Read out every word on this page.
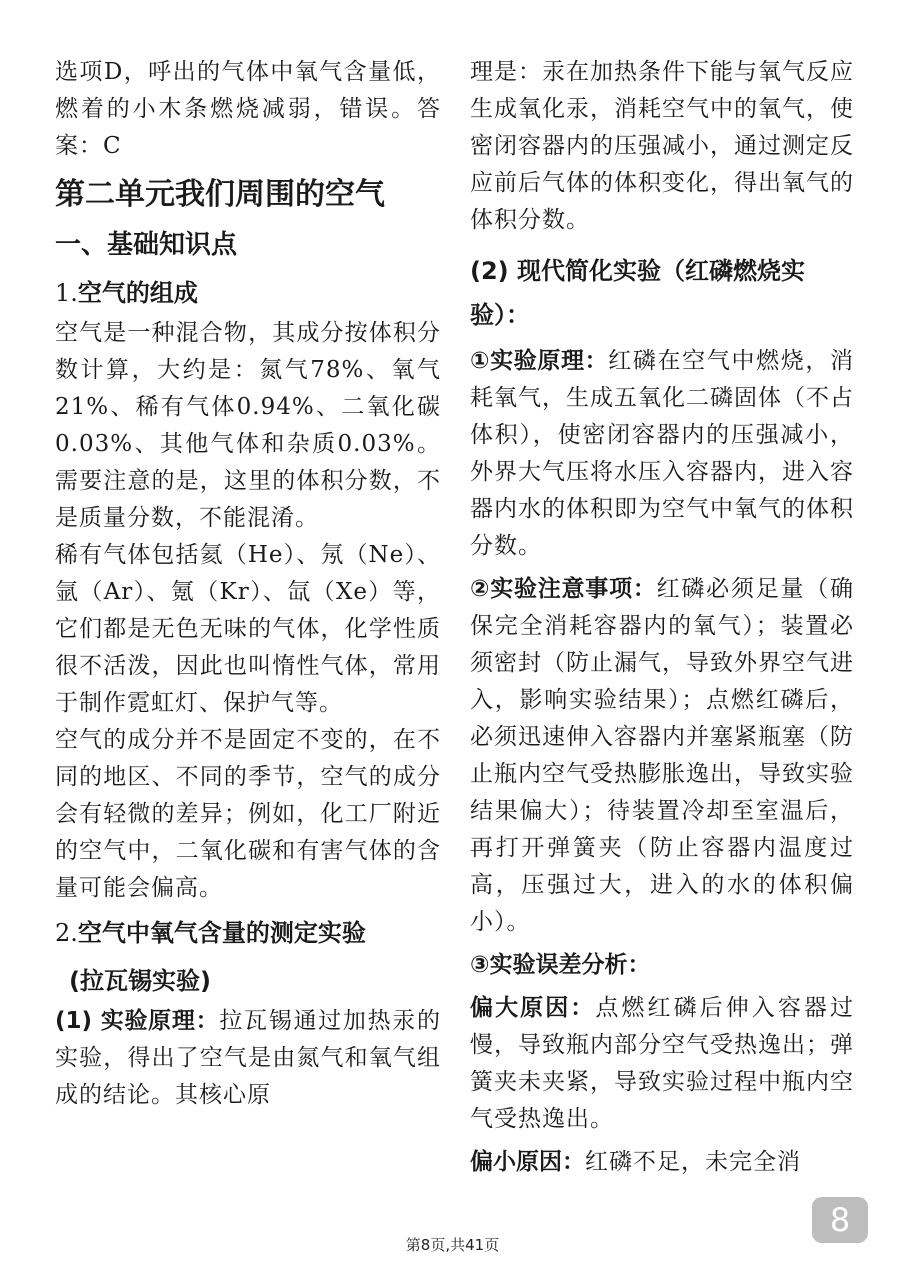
选项D，呼出的气体中氧气含量低，燃着的小木条燃烧减弱，错误。答案：C

第二单元我们周围的空气
一、基础知识点
1.空气的组成

空气是一种混合物，其成分按体积分数计算，大约是：氮气78%、氧气21%、稀有气体0.94%、二氧化碳0.03%、其他气体和杂质0.03%。需要注意的是，这里的体积分数，不是质量分数，不能混淆。

稀有气体包括氦（He）、氖（Ne）、氩（Ar）、氪（Kr）、氙（Xe）等，它们都是无色无味的气体，化学性质很不活泼，因此也叫惰性气体，常用于制作霓虹灯、保护气等。

空气的成分并不是固定不变的，在不同的地区、不同的季节，空气的成分会有轻微的差异；例如，化工厂附近的空气中，二氧化碳和有害气体的含量可能会偏高。

2.空气中氧气含量的测定实验
(拉瓦锡实验)

(1) 实验原理：拉瓦锡通过加热汞的实验，得出了空气是由氮气和氧气组成的结论。其核心原

理是：汞在加热条件下能与氧气反应生成氧化汞，消耗空气中的氧气，使密闭容器内的压强减小，通过测定反应前后气体的体积变化，得出氧气的体积分数。

(2) 现代简化实验（红磷燃烧实验）：

①实验原理：红磷在空气中燃烧，消耗氧气，生成五氧化二磷固体（不占体积），使密闭容器内的压强减小，外界大气压将水压入容器内，进入容器内水的体积即为空气中氧气的体积分数。

②实验注意事项：红磷必须足量（确保完全消耗容器内的氧气）；装置必须密封（防止漏气，导致外界空气进入，影响实验结果）；点燃红磷后，必须迅速伸入容器内并塞紧瓶塞（防止瓶内空气受热膨胀逸出，导致实验结果偏大）；待装置冷却至室温后，再打开弹簧夹（防止容器内温度过高，压强过大，进入的水的体积偏小）。

③实验误差分析：

偏大原因：点燃红磷后伸入容器过慢，导致瓶内部分空气受热逸出；弹簧夹未夹紧，导致实验过程中瓶内空气受热逸出。

偏小原因：红磷不足，未完全消

8
第8页,共41页
